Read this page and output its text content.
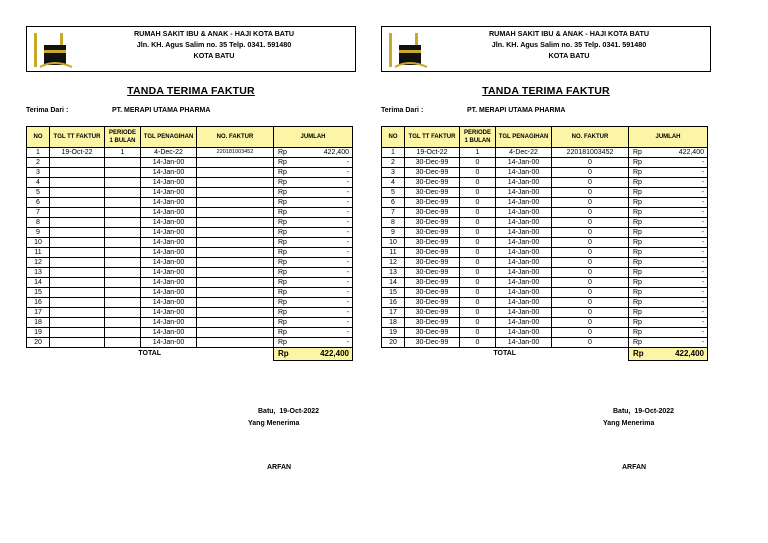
RUMAH SAKIT IBU & ANAK - HAJI KOTA BATU
Jln. KH. Agus Salim no. 35 Telp. 0341. 591480
KOTA BATU
TANDA TERIMA FAKTUR
Terima Dari :	PT. MERAPI UTAMA PHARMA
NO	TGL TT FAKTUR	PERIODE
1 BULAN	TGL PENAGIHAN	NO. FAKTUR	JUMLAH
1	19-Oct-22	1	4-Dec-22	220181003452	Rp 422,400

2			14-Jan-00		Rp -

3			14-Jan-00		Rp -

4			14-Jan-00		Rp -

5			14-Jan-00		Rp -

6			14-Jan-00		Rp -

7			14-Jan-00		Rp -

8			14-Jan-00		Rp -

9			14-Jan-00		Rp -

10			14-Jan-00		Rp -

11			14-Jan-00		Rp -

12			14-Jan-00		Rp -

13			14-Jan-00		Rp -

14			14-Jan-00		Rp -

15			14-Jan-00		Rp -

16			14-Jan-00		Rp -

17			14-Jan-00		Rp -

18			14-Jan-00		Rp -

19			14-Jan-00		Rp -

20			14-Jan-00		Rp -

TOTAL					Rp 422,400
Batu, 19-Oct-2022
Yang Menerima
ARFAN
RUMAH SAKIT IBU & ANAK - HAJI KOTA BATU
Jln. KH. Agus Salim no. 35 Telp. 0341. 591480
KOTA BATU
TANDA TERIMA FAKTUR
Terima Dari :	PT. MERAPI UTAMA PHARMA
NO	TGL TT FAKTUR	PERIODE
1 BULAN	TGL PENAGIHAN	NO. FAKTUR	JUMLAH
1	19-Oct-22	1	4-Dec-22	220181003452	Rp 422,400

2	30-Dec-99	0	14-Jan-00	0	Rp -

3	30-Dec-99	0	14-Jan-00	0	Rp -

4	30-Dec-99	0	14-Jan-00	0	Rp -

5	30-Dec-99	0	14-Jan-00	0	Rp -

6	30-Dec-99	0	14-Jan-00	0	Rp -

7	30-Dec-99	0	14-Jan-00	0	Rp -

8	30-Dec-99	0	14-Jan-00	0	Rp -

9	30-Dec-99	0	14-Jan-00	0	Rp -

10	30-Dec-99	0	14-Jan-00	0	Rp -

11	30-Dec-99	0	14-Jan-00	0	Rp -

12	30-Dec-99	0	14-Jan-00	0	Rp -

13	30-Dec-99	0	14-Jan-00	0	Rp -

14	30-Dec-99	0	14-Jan-00	0	Rp -

15	30-Dec-99	0	14-Jan-00	0	Rp -

16	30-Dec-99	0	14-Jan-00	0	Rp -

17	30-Dec-99	0	14-Jan-00	0	Rp -

18	30-Dec-99	0	14-Jan-00	0	Rp -

19	30-Dec-99	0	14-Jan-00	0	Rp -

20	30-Dec-99	0	14-Jan-00	0	Rp -

TOTAL					Rp 422,400
Batu, 19-Oct-2022
Yang Menerima
ARFAN
